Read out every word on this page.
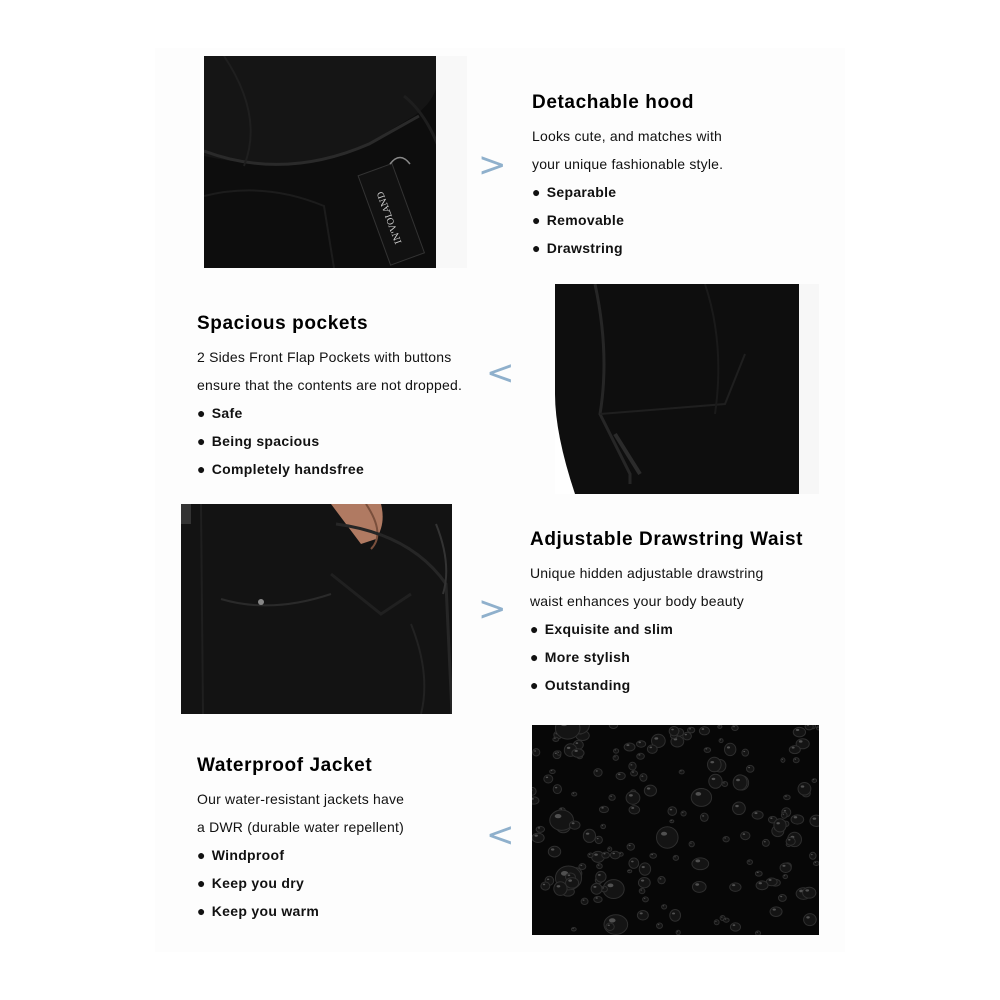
IN'VOLAND
>
Detachable hood
Looks cute, and matches with
your unique fashionable style.
● Separable
● Removable
● Drawstring
Spacious pockets
2 Sides Front Flap Pockets with buttons
ensure that the contents are not dropped.
● Safe
● Being spacious
● Completely handsfree
<
>
Adjustable Drawstring Waist
Unique hidden adjustable drawstring
waist enhances your body beauty
● Exquisite and slim
● More stylish
● Outstanding
Waterproof Jacket
Our water-resistant jackets have
a DWR (durable water repellent)
● Windproof
● Keep you dry
● Keep you warm
<
